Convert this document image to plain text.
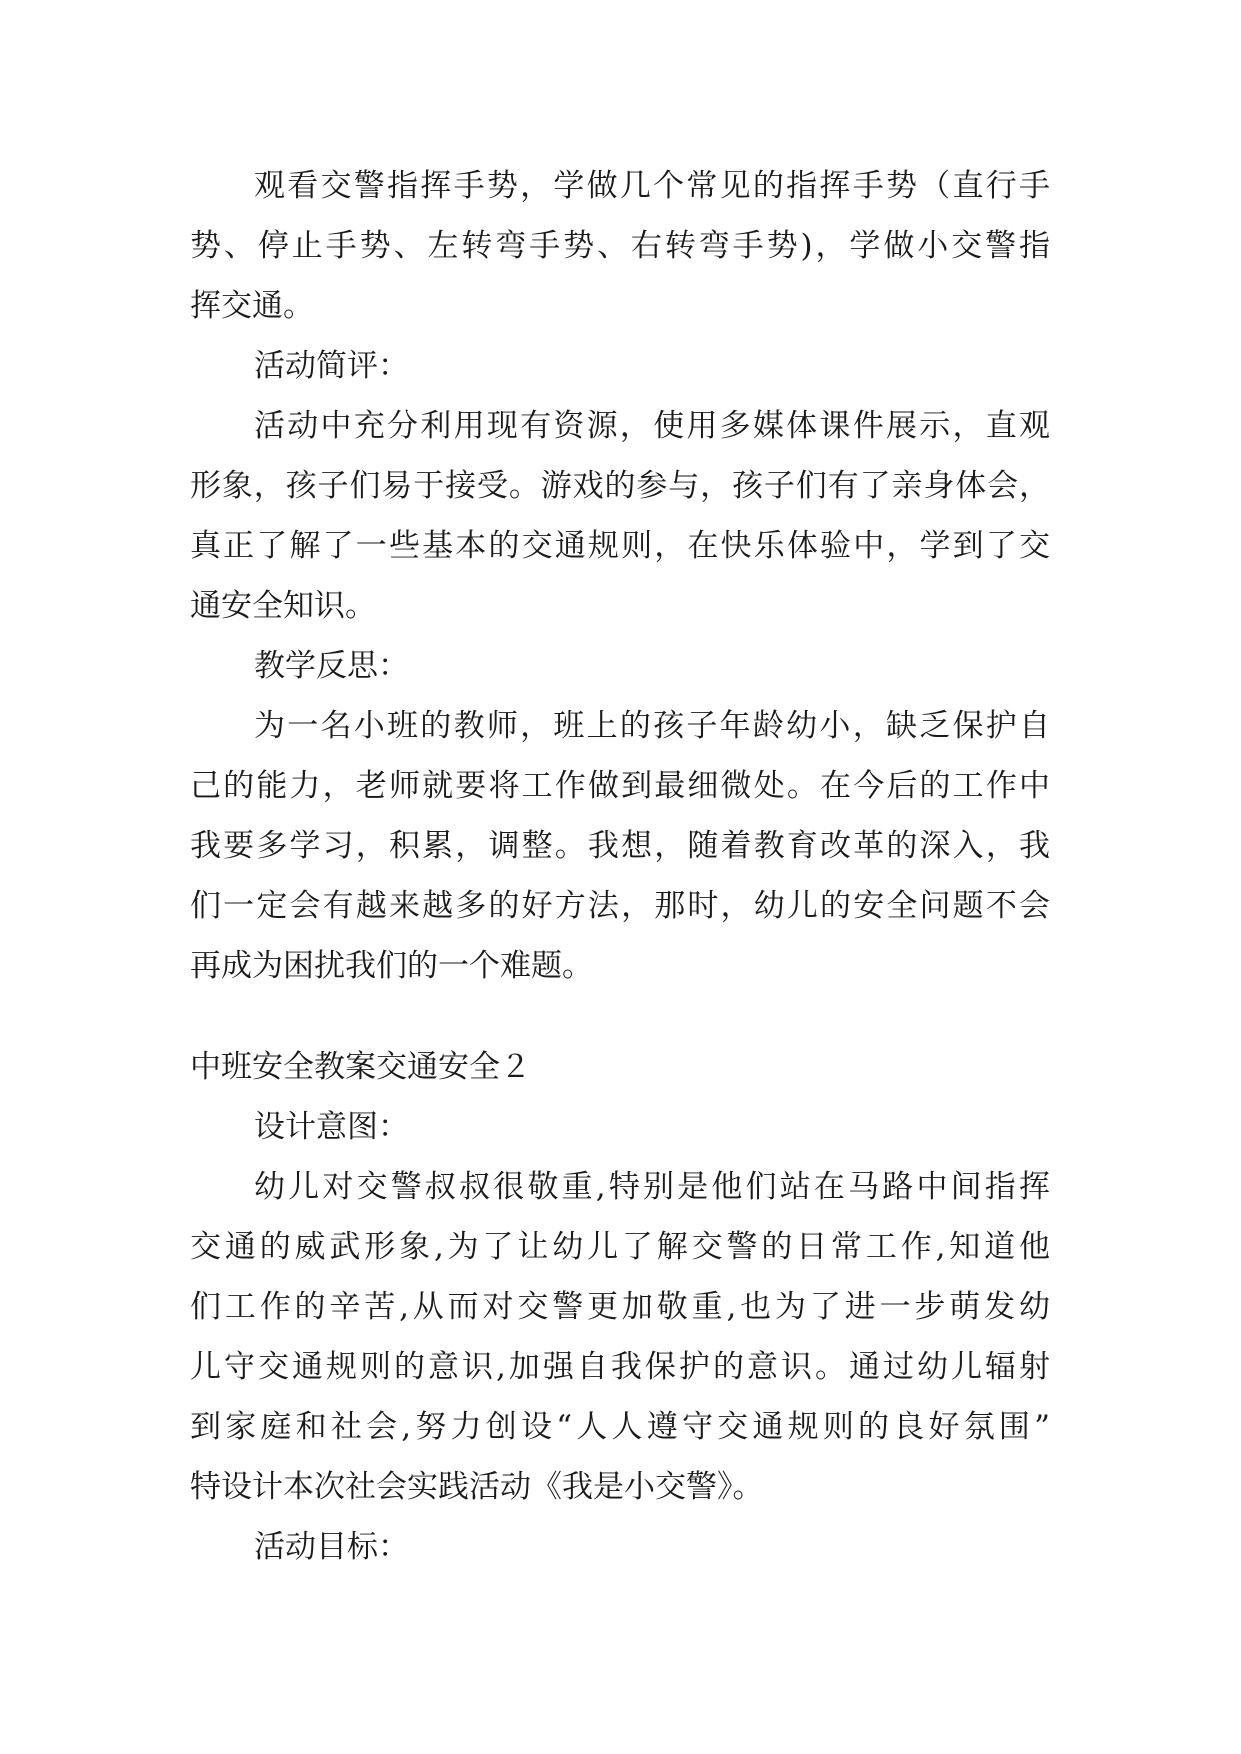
观看交警指挥手势，学做几个常见的指挥手势（直行手
势、停止手势、左转弯手势、右转弯手势)，学做小交警指
挥交通。
活动简评：
活动中充分利用现有资源，使用多媒体课件展示，直观
形象，孩子们易于接受。游戏的参与，孩子们有了亲身体会，
真正了解了一些基本的交通规则，在快乐体验中，学到了交
通安全知识。
教学反思：
为一名小班的教师，班上的孩子年龄幼小，缺乏保护自
己的能力，老师就要将工作做到最细微处。在今后的工作中
我要多学习，积累，调整。我想，随着教育改革的深入，我
们一定会有越来越多的好方法，那时，幼儿的安全问题不会
再成为困扰我们的一个难题。
中班安全教案交通安全２
设计意图：
幼儿对交警叔叔很敬重,特别是他们站在马路中间指挥
交通的威武形象,为了让幼儿了解交警的日常工作,知道他
们工作的辛苦,从而对交警更加敬重,也为了进一步萌发幼
儿守交通规则的意识,加强自我保护的意识。通过幼儿辐射
到家庭和社会,努力创设“人人遵守交通规则的良好氛围”
特设计本次社会实践活动《我是小交警》。
活动目标：
